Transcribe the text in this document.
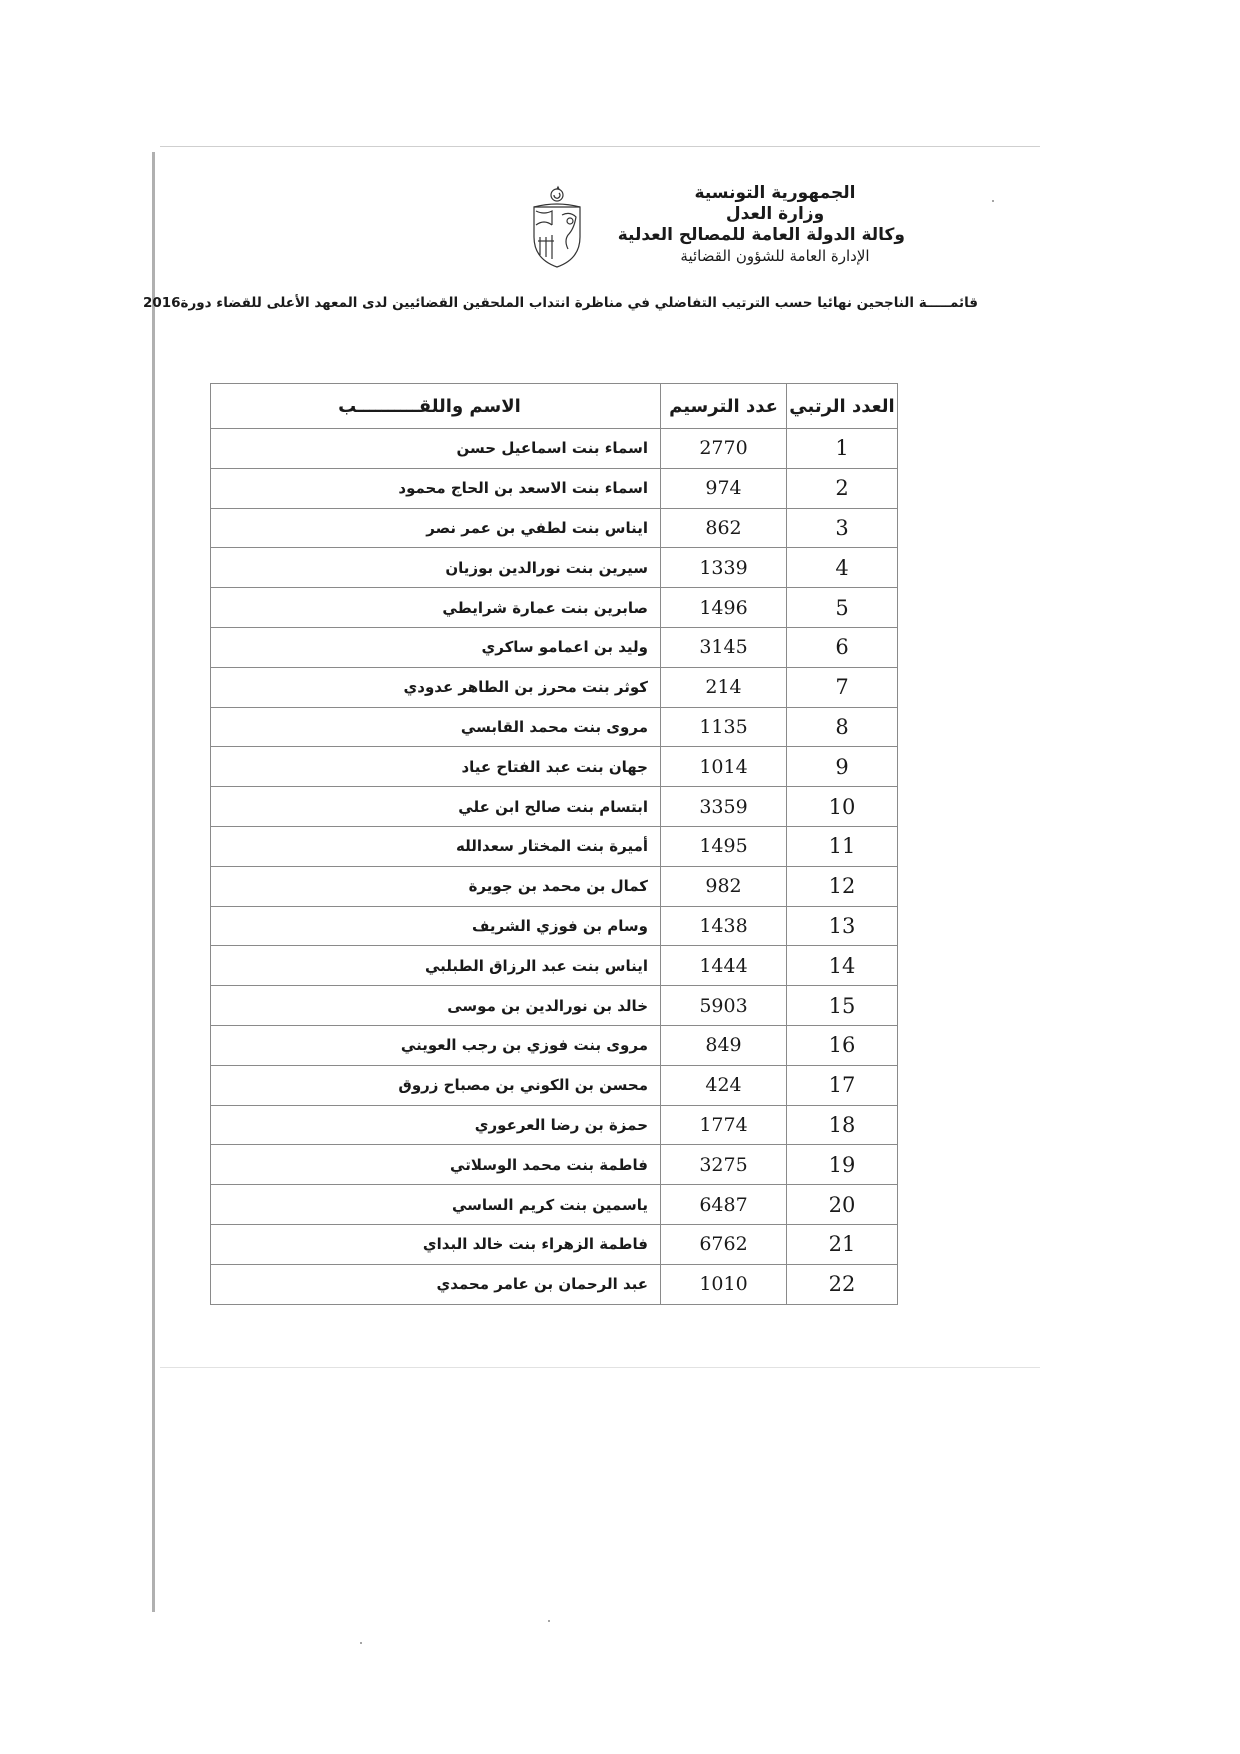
الجمهورية التونسية
وزارة العدل
وكالة الدولة العامة للمصالح العدلية
الإدارة العامة للشؤون القضائية
قائمـــــة الناجحين نهائيا حسب الترتيب التفاضلي في مناظرة انتداب الملحقين القضائيين لدى المعهد الأعلى للقضاء دورة2016
العدد الرتبي	عدد الترسيم	الاسم واللقــــــــــب
1	2770	اسماء بنت اسماعيل حسن
2	974	اسماء بنت الاسعد بن الحاج محمود
3	862	ايناس بنت لطفي بن عمر نصر
4	1339	سيرين بنت نورالدين بوزيان
5	1496	صابرين بنت عمارة شرايطي
6	3145	وليد بن اعمامو ساكري
7	214	كوثر بنت محرز بن الطاهر عدودي
8	1135	مروى بنت محمد القابسي
9	1014	جهان بنت عبد الفتاح عياد
10	3359	ابتسام بنت صالح ابن علي
11	1495	أميرة بنت المختار سعدالله
12	982	كمال بن محمد بن جويرة
13	1438	وسام بن فوزي الشريف
14	1444	ايناس بنت عبد الرزاق الطبلبي
15	5903	خالد بن نورالدين بن موسى
16	849	مروى بنت فوزي بن رجب العويني
17	424	محسن بن الكوني بن مصباح زروق
18	1774	حمزة بن رضا العرعوري
19	3275	فاطمة بنت محمد الوسلاتي
20	6487	ياسمين بنت كريم الساسي
21	6762	فاطمة الزهراء بنت خالد البداي
22	1010	عبد الرحمان بن عامر محمدي
